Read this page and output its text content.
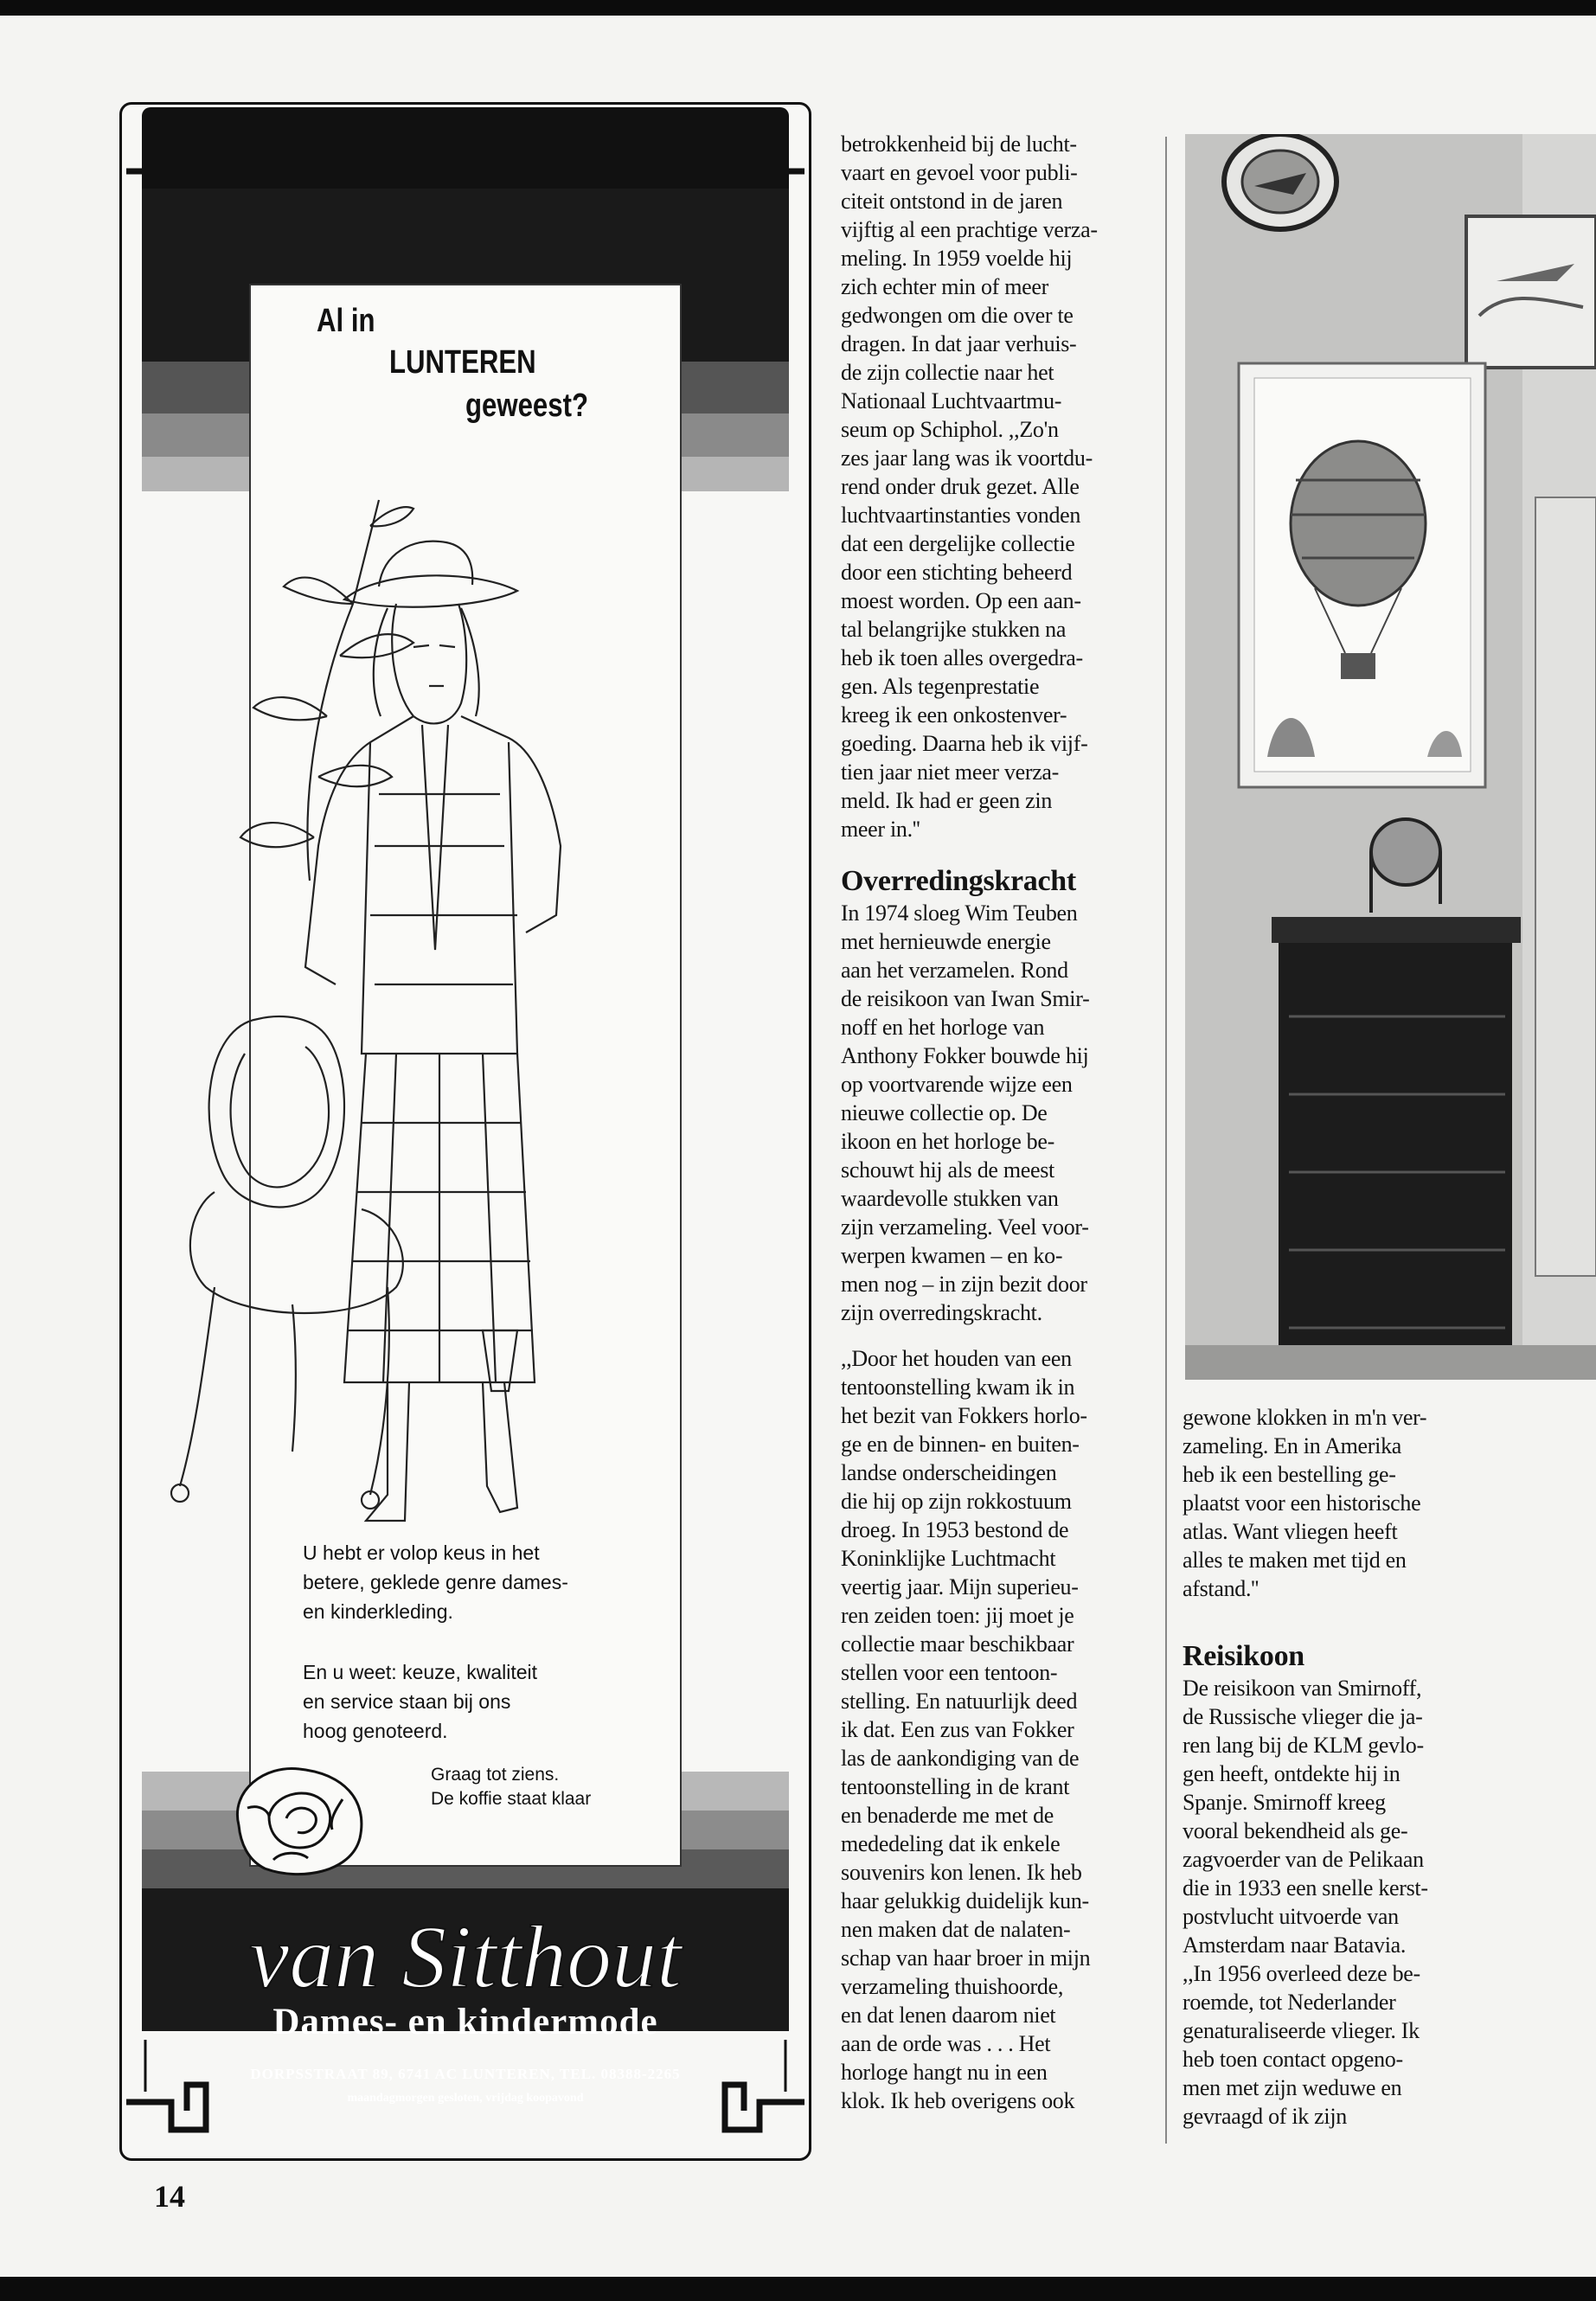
Al in
LUNTEREN
geweest?
U hebt er volop keus in het
betere, geklede genre dames-
en kinderkleding.
En u weet: keuze, kwaliteit
en service staan bij ons
hoog genoteerd.
Graag tot ziens.
De koffie staat klaar
van Sitthout
Dames- en kindermode
DORPSSTRAAT 89, 6741 AC LUNTEREN, TEL. 08388-2265
maandagmorgen gesloten, vrijdag koopavond

betrokkenheid bij de lucht-
vaart en gevoel voor publi-
citeit ontstond in de jaren
vijftig al een prachtige verza-
meling. In 1959 voelde hij
zich echter min of meer
gedwongen om die over te
dragen. In dat jaar verhuis-
de zijn collectie naar het
Nationaal Luchtvaartmu-
seum op Schiphol. ,,Zo'n
zes jaar lang was ik voortdu-
rend onder druk gezet. Alle
luchtvaartinstanties vonden
dat een dergelijke collectie
door een stichting beheerd
moest worden. Op een aan-
tal belangrijke stukken na
heb ik toen alles overgedra-
gen. Als tegenprestatie
kreeg ik een onkostenver-
goeding. Daarna heb ik vijf-
tien jaar niet meer verza-
meld. Ik had er geen zin
meer in.''

Overredingskracht

In 1974 sloeg Wim Teuben
met hernieuwde energie
aan het verzamelen. Rond
de reisikoon van Iwan Smir-
noff en het horloge van
Anthony Fokker bouwde hij
op voortvarende wijze een
nieuwe collectie op. De
ikoon en het horloge be-
schouwt hij als de meest
waardevolle stukken van
zijn verzameling. Veel voor-
werpen kwamen – en ko-
men nog – in zijn bezit door
zijn overredingskracht.

,,Door het houden van een
tentoonstelling kwam ik in
het bezit van Fokkers horlo-
ge en de binnen- en buiten-
landse onderscheidingen
die hij op zijn rokkostuum
droeg. In 1953 bestond de
Koninklijke Luchtmacht
veertig jaar. Mijn superieu-
ren zeiden toen: jij moet je
collectie maar beschikbaar
stellen voor een tentoon-
stelling. En natuurlijk deed
ik dat. Een zus van Fokker
las de aankondiging van de
tentoonstelling in de krant
en benaderde me met de
mededeling dat ik enkele
souvenirs kon lenen. Ik heb
haar gelukkig duidelijk kun-
nen maken dat de nalaten-
schap van haar broer in mijn
verzameling thuishoorde,
en dat lenen daarom niet
aan de orde was . . . Het
horloge hangt nu in een
klok. Ik heb overigens ook

gewone klokken in m'n ver-
zameling. En in Amerika
heb ik een bestelling ge-
plaatst voor een historische
atlas. Want vliegen heeft
alles te maken met tijd en
afstand.''

Reisikoon

De reisikoon van Smirnoff,
de Russische vlieger die ja-
ren lang bij de KLM gevlo-
gen heeft, ontdekte hij in
Spanje. Smirnoff kreeg
vooral bekendheid als ge-
zagvoerder van de Pelikaan
die in 1933 een snelle kerst-
postvlucht uitvoerde van
Amsterdam naar Batavia.
,,In 1956 overleed deze be-
roemde, tot Nederlander
genaturaliseerde vlieger. Ik
heb toen contact opgeno-
men met zijn weduwe en
gevraagd of ik zijn

14
